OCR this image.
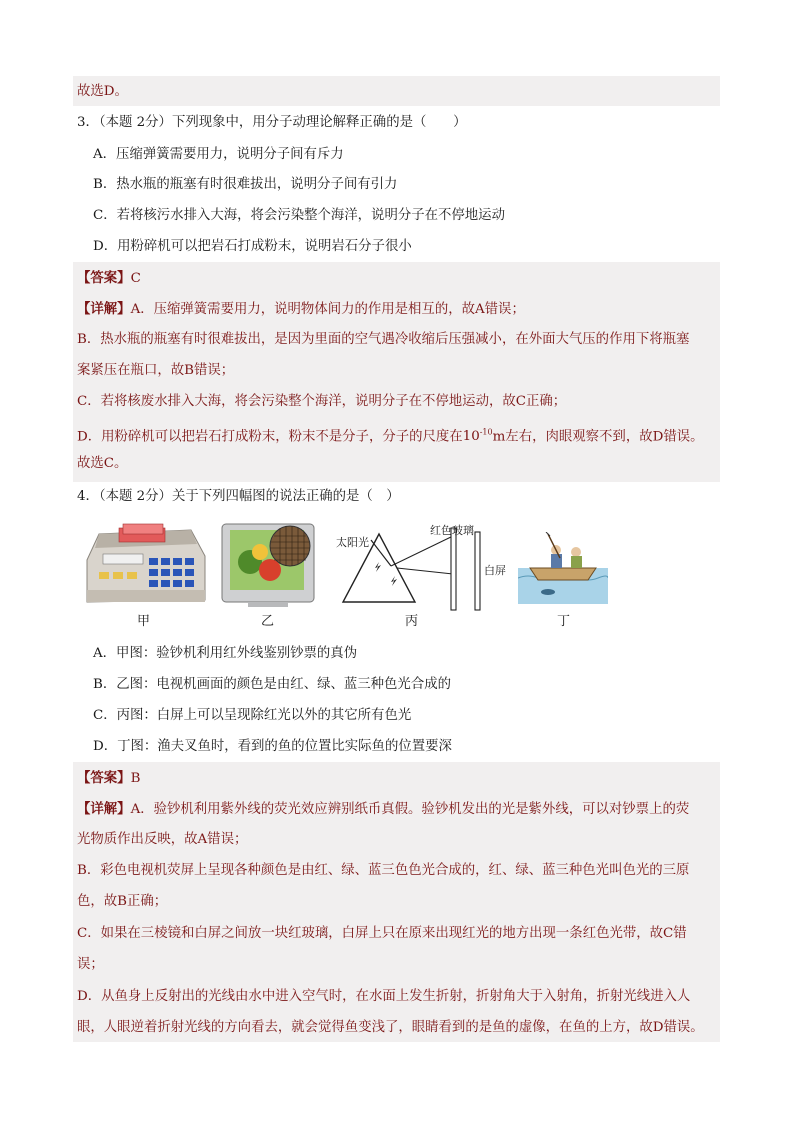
故选D。
3．（本题 2分）下列现象中，用分子动理论解释正确的是（　　）
A．压缩弹簧需要用力，说明分子间有斥力
B．热水瓶的瓶塞有时很难拔出，说明分子间有引力
C．若将核污水排入大海，将会污染整个海洋，说明分子在不停地运动
D．用粉碎机可以把岩石打成粉末，说明岩石分子很小
【答案】C
【详解】A．压缩弹簧需要用力，说明物体间力的作用是相互的，故A错误；
B．热水瓶的瓶塞有时很难拔出，是因为里面的空气遇冷收缩后压强减小，在外面大气压的作用下将瓶塞
案紧压在瓶口，故B错误；
C．若将核废水排入大海，将会污染整个海洋，说明分子在不停地运动，故C正确；
D．用粉碎机可以把岩石打成粉末，粉末不是分子，分子的尺度在$10^{-10}m$左右，肉眼观察不到，故D错误。
故选C。
4．（本题 2分）关于下列四幅图的说法正确的是（　）
太阳光
红色玻璃
白屏
甲	乙	丙	丁
A．甲图：验钞机利用红外线鉴别钞票的真伪
B．乙图：电视机画面的颜色是由红、绿、蓝三种色光合成的
C．丙图：白屏上可以呈现除红光以外的其它所有色光
D．丁图：渔夫叉鱼时，看到的鱼的位置比实际鱼的位置要深
【答案】B
【详解】A．验钞机利用紫外线的荧光效应辨别纸币真假。验钞机发出的光是紫外线，可以对钞票上的荧
光物质作出反映，故A错误；
B．彩色电视机荧屏上呈现各种颜色是由红、绿、蓝三色色光合成的，红、绿、蓝三种色光叫色光的三原
色，故B正确；
C．如果在三棱镜和白屏之间放一块红玻璃，白屏上只在原来出现红光的地方出现一条红色光带，故C错
误；
D．从鱼身上反射出的光线由水中进入空气时，在水面上发生折射，折射角大于入射角，折射光线进入人
眼，人眼逆着折射光线的方向看去，就会觉得鱼变浅了，眼睛看到的是鱼的虚像，在鱼的上方，故D错误。
